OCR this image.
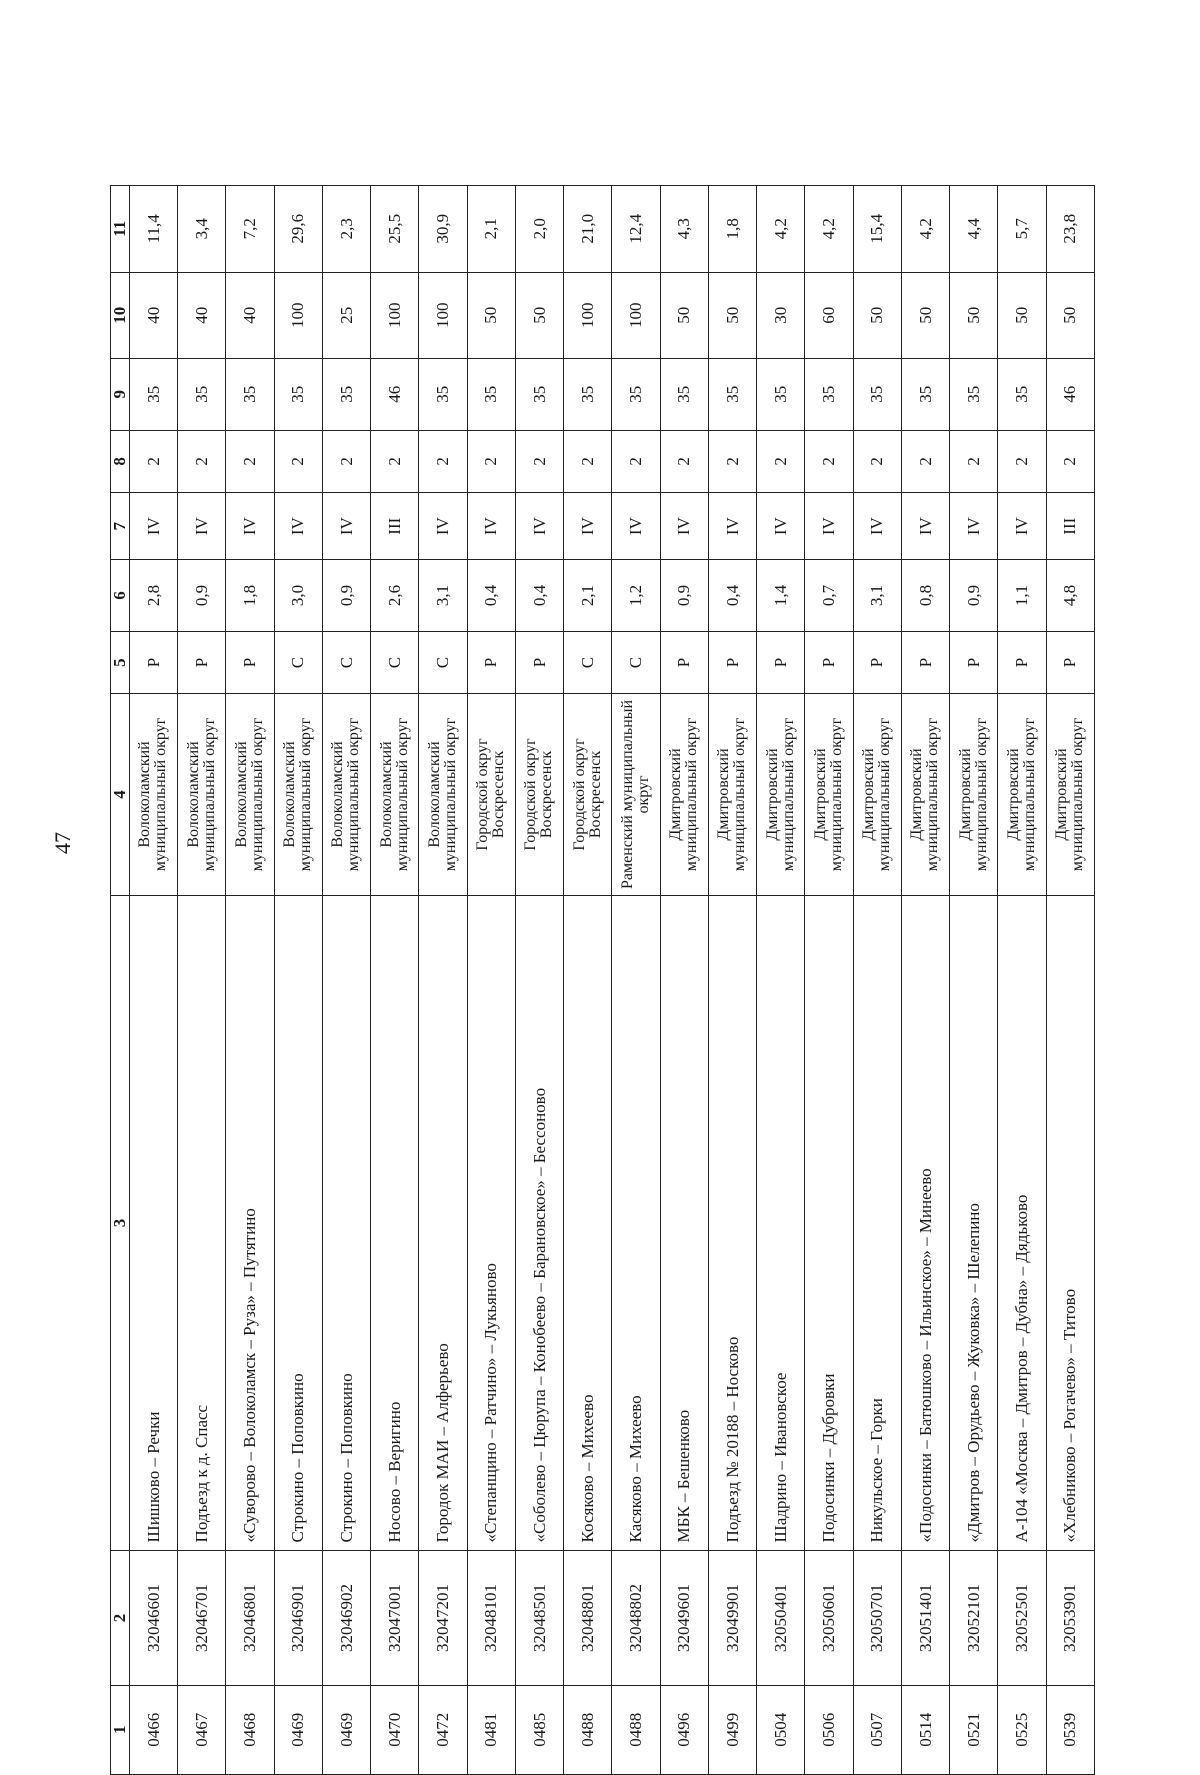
47
1	2	3	4	5	6	7	8	9	10	11
0466	32046601	Шишково – Речки	Волоколамский муниципальный округ	Р	2,8	IV	2	35	40	11,4
0467	32046701	Подъезд к д. Спасс	Волоколамский муниципальный округ	Р	0,9	IV	2	35	40	3,4
0468	32046801	«Суворово – Волоколамск – Руза» – Путятино	Волоколамский муниципальный округ	Р	1,8	IV	2	35	40	7,2
0469	32046901	Строкино – Поповкино	Волоколамский муниципальный округ	С	3,0	IV	2	35	100	29,6
0469	32046902	Строкино – Поповкино	Волоколамский муниципальный округ	С	0,9	IV	2	35	25	2,3
0470	32047001	Носово – Веригино	Волоколамский муниципальный округ	С	2,6	III	2	46	100	25,5
0472	32047201	Городок МАИ – Алферьево	Волоколамский муниципальный округ	С	3,1	IV	2	35	100	30,9
0481	32048101	«Степанщино – Ратчино» – Лукьяново	Городской округ Воскресенск	Р	0,4	IV	2	35	50	2,1
0485	32048501	«Соболево – Цюрупа – Конобеево – Барановское» – Бессоново	Городской округ Воскресенск	Р	0,4	IV	2	35	50	2,0
0488	32048801	Косяково – Михеево	Городской округ Воскресенск	С	2,1	IV	2	35	100	21,0
0488	32048802	Касяково – Михеево	Раменский муниципальный округ	С	1,2	IV	2	35	100	12,4
0496	32049601	МБК – Бешенково	Дмитровский муниципальный округ	Р	0,9	IV	2	35	50	4,3
0499	32049901	Подъезд № 20188 – Носково	Дмитровский муниципальный округ	Р	0,4	IV	2	35	50	1,8
0504	32050401	Шадрино – Ивановское	Дмитровский муниципальный округ	Р	1,4	IV	2	35	30	4,2
0506	32050601	Подосинки – Дубровки	Дмитровский муниципальный округ	Р	0,7	IV	2	35	60	4,2
0507	32050701	Никульское – Горки	Дмитровский муниципальный округ	Р	3,1	IV	2	35	50	15,4
0514	32051401	«Подосинки – Батюшково – Ильинское» – Минеево	Дмитровский муниципальный округ	Р	0,8	IV	2	35	50	4,2
0521	32052101	«Дмитров – Орудьево – Жуковка» – Шелепино	Дмитровский муниципальный округ	Р	0,9	IV	2	35	50	4,4
0525	32052501	А-104 «Москва – Дмитров – Дубна» – Дядьково	Дмитровский муниципальный округ	Р	1,1	IV	2	35	50	5,7
0539	32053901	«Хлебниково – Рогачево» – Титово	Дмитровский муниципальный округ	Р	4,8	III	2	46	50	23,8
